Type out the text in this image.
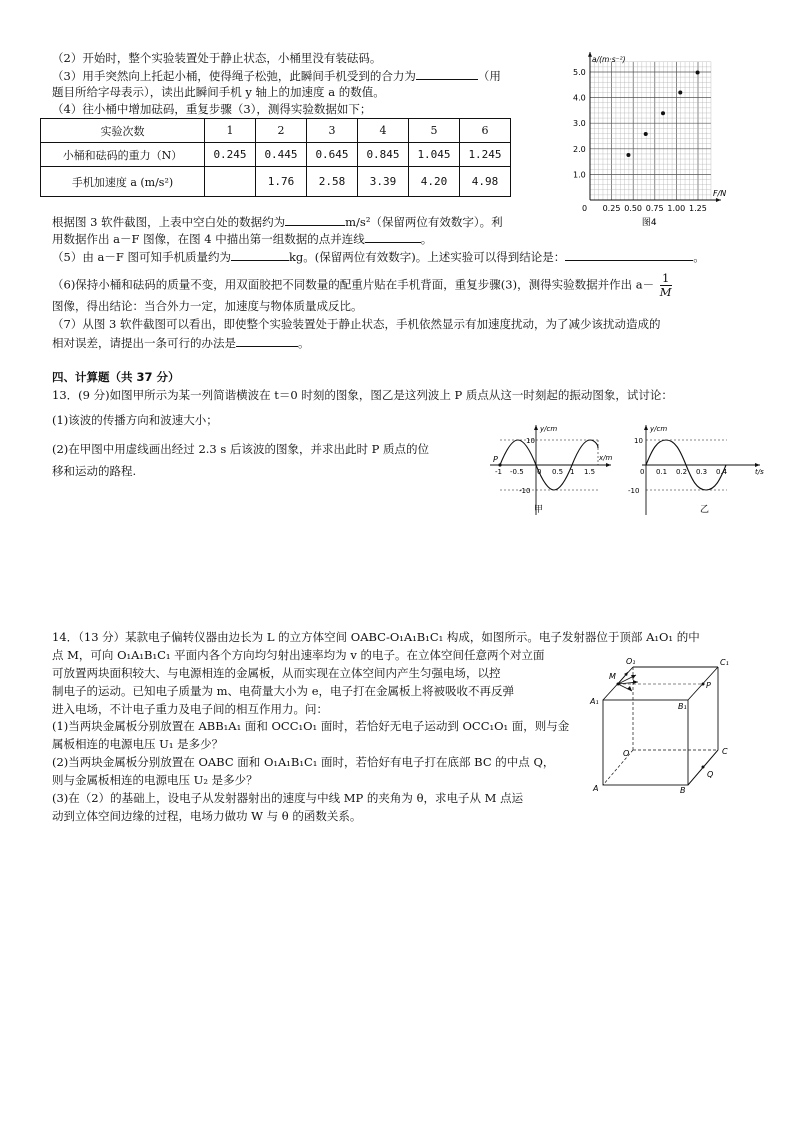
（2）开始时，整个实验装置处于静止状态，小桶里没有装砝码。
（3）用手突然向上托起小桶，使得绳子松弛，此瞬间手机受到的合力为	（用
题目所给字母表示），读出此瞬间手机 y 轴上的加速度 a 的数值。
（4）往小桶中增加砝码，重复步骤（3），测得实验数据如下；
实验次数	1	2	3	4	5	6
小桶和砝码的重力（N）	0.245	0.445	0.645	0.845	1.045	1.245
手机加速度 a (m/s²)		1.76	2.58	3.39	4.20	4.98
0 0.25 0.50 0.75 1.00 1.25
1.0
2.0
3.0
4.0
5.0
F/N
a/(m·s⁻²)
图4
根据图 3 软件截图，上表中空白处的数据约为	m/s²（保留两位有效数字）。利
用数据作出 a－F 图像，在图 4 中描出第一组数据的点并连线	。
（5）由 a－F 图可知手机质量约为	kg。(保留两位有效数字)。上述实验可以得到结论是：	。
（6)保持小桶和砝码的质量不变，用双面胶把不同数量的配重片贴在手机背面，重复步骤(3)，测得实验数据并作出 $a- \frac{1}{M}$
图像，得出结论：当合外力一定，加速度与物体质量成反比。
（7）从图 3 软件截图可以看出，即使整个实验装置处于静止状态，手机依然显示有加速度扰动，为了减少该扰动造成的
相对误差，请提出一条可行的办法是	。
四、计算题（共 37 分）
13．(9 分)如图甲所示为某一列简谐横波在 t＝0 时刻的图象，图乙是这列波上 P 质点从这一时刻起的振动图象，试讨论：
(1)该波的传播方向和波速大小；
(2)在甲图中用虚线画出经过 2.3 s 后该波的图象，并求出此时 P 质点的位
移和运动的路程.
P
y/cm
x/m
10
-10
-1 -0.5 0 0.5 1 1.5
甲
y/cm
t/s
10
-10
0 0.1 0.2 0.3 0.4
乙
14．（13 分）某款电子偏转仪器由边长为 L 的立方体空间 OABC-O₁A₁B₁C₁ 构成，如图所示。电子发射器位于顶部 A₁O₁ 的中
点 M，可向 O₁A₁B₁C₁ 平面内各个方向均匀射出速率均为 v 的电子。在立体空间任意两个对立面
可放置两块面积较大、与电源相连的金属板，从而实现在立体空间内产生匀强电场，以控
制电子的运动。已知电子质量为 m、电荷量大小为 e，电子打在金属板上将被吸收不再反弹
进入电场，不计电子重力及电子间的相互作用力。问：
(1)当两块金属板分别放置在 ABB₁A₁ 面和 OCC₁O₁ 面时，若恰好无电子运动到 OCC₁O₁ 面，则与金
属板相连的电源电压 U₁ 是多少？
(2)当两块金属板分别放置在 OABC 面和 O₁A₁B₁C₁ 面时，若恰好有电子打在底部 BC 的中点 Q，
则与金属板相连的电源电压 U₂ 是多少？
(3)在（2）的基础上，设电子从发射器射出的速度与中线 MP 的夹角为 θ，求电子从 M 点运
动到立体空间边缘的过程，电场力做功 W 与 θ 的函数关系。
O₁	C₁
M
P
A₁
B₁
O	C
Q
A	B
